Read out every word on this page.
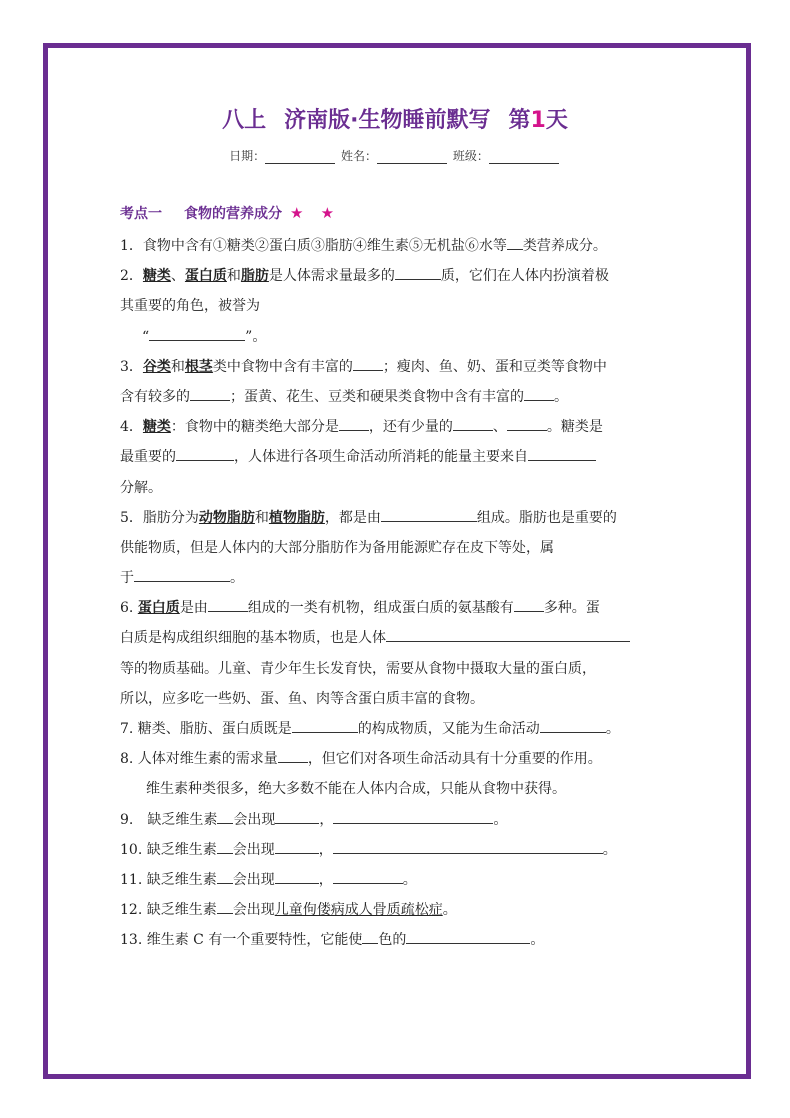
八上 济南版·生物睡前默写 第1天
日期：	姓名：	班级：
考点一 食物的营养成分 ★ ★
1．食物中含有①糖类②蛋白质③脂肪④维生素⑤无机盐⑥水等 类营养成分。
2．糖类、蛋白质和脂肪是人体需求量最多的	质，它们在人体内扮演着极
其重要的角色，被誉为
“	”。
3．谷类和根茎类中食物中含有丰富的 ；瘦肉、鱼、奶、蛋和豆类等食物中
含有较多的	；蛋黄、花生、豆类和硬果类食物中含有丰富的 。
4．糖类：食物中的糖类绝大部分是 ，还有少量的	、	。糖类是
最重要的	，人体进行各项生命活动所消耗的能量主要来自
分解。
5．脂肪分为动物脂肪和植物脂肪，都是由	组成。脂肪也是重要的
供能物质，但是人体内的大部分脂肪作为备用能源贮存在皮下等处，属
于	。
6. 蛋白质是由	组成的一类有机物，组成蛋白质的氨基酸有 多种。蛋
白质是构成组织细胞的基本物质，也是人体
等的物质基础。儿童、青少年生长发育快，需要从食物中摄取大量的蛋白质，
所以，应多吃一些奶、蛋、鱼、肉等含蛋白质丰富的食物。
7. 糖类、脂肪、蛋白质既是	的构成物质，又能为生命活动	。
8. 人体对维生素的需求量 ，但它们对各项生命活动具有十分重要的作用。
维生素种类很多，绝大多数不能在人体内合成，只能从食物中获得。
9.　缺乏维生素 会出现	，	。
10. 缺乏维生素 会出现	，	。
11. 缺乏维生素 会出现	，	。
12. 缺乏维生素 会出现儿童佝偻病成人骨质疏松症。
13. 维生素 C 有一个重要特性，它能使 色的	。
